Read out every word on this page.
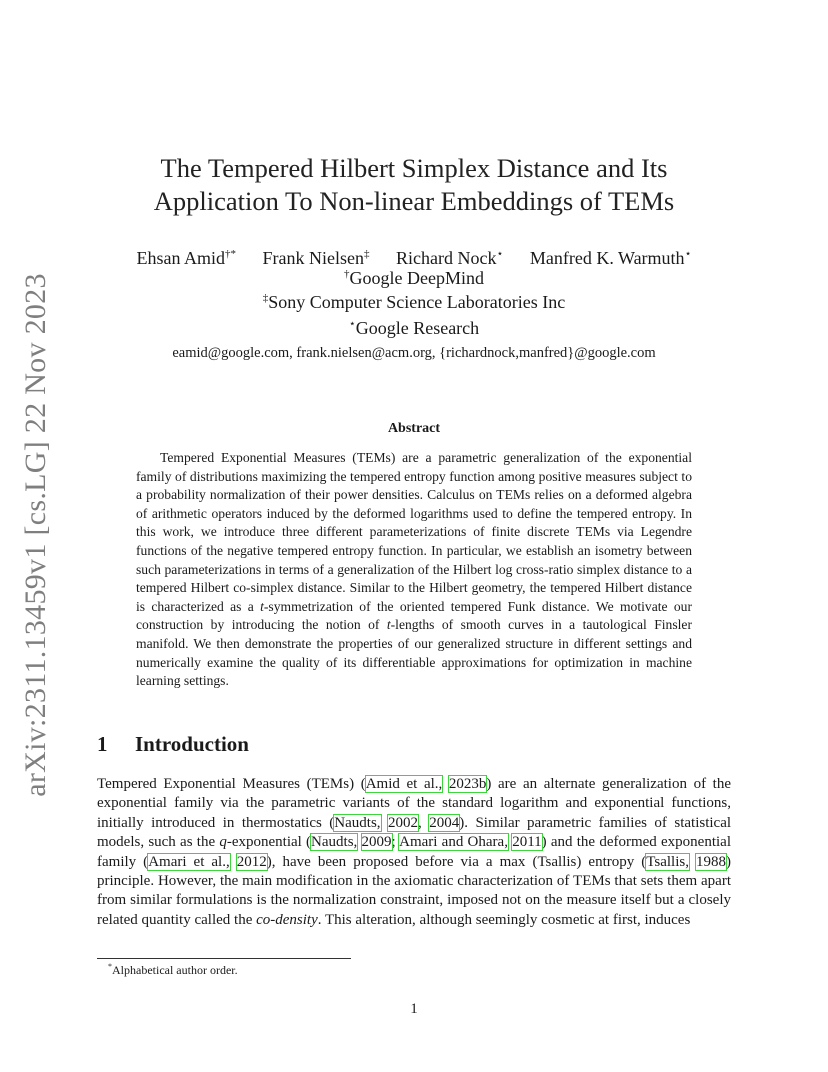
arXiv:2311.13459v1 [cs.LG] 22 Nov 2023
The Tempered Hilbert Simplex Distance and Its
Application To Non-linear Embeddings of TEMs
Ehsan Amid†* Frank Nielsen‡ Richard Nock⋆ Manfred K. Warmuth⋆
†Google DeepMind
‡Sony Computer Science Laboratories Inc
⋆Google Research
eamid@google.com, frank.nielsen@acm.org, {richardnock,manfred}@google.com
Abstract

Tempered Exponential Measures (TEMs) are a parametric generalization of the exponential family of distributions maximizing the tempered entropy function among positive measures subject to a probability normalization of their power densities. Calculus on TEMs relies on a deformed algebra of arithmetic operators induced by the deformed logarithms used to define the tempered entropy. In this work, we introduce three different parameterizations of finite discrete TEMs via Legendre functions of the negative tempered entropy function. In particular, we establish an isometry between such parameterizations in terms of a generalization of the Hilbert log cross-ratio simplex distance to a tempered Hilbert co-simplex distance. Similar to the Hilbert geometry, the tempered Hilbert distance is characterized as a t-symmetrization of the oriented tempered Funk distance. We motivate our construction by introducing the notion of t-lengths of smooth curves in a tautological Finsler manifold. We then demonstrate the properties of our generalized structure in different settings and numerically examine the quality of its differentiable approximations for optimization in machine learning settings.

1 Introduction

Tempered Exponential Measures (TEMs) (Amid et al., 2023b) are an alternate generalization of the exponential family via the parametric variants of the standard logarithm and exponential functions, initially introduced in thermostatics (Naudts, 2002, 2004). Similar parametric families of statistical models, such as the q-exponential (Naudts, 2009; Amari and Ohara, 2011) and the deformed exponential family (Amari et al., 2012), have been proposed before via a max (Tsallis) entropy (Tsallis, 1988) principle. However, the main modification in the axiomatic characterization of TEMs that sets them apart from similar formulations is the normalization constraint, imposed not on the measure itself but a closely related quantity called the co-density. This alteration, although seemingly cosmetic at first, induces

*Alphabetical author order.
1
